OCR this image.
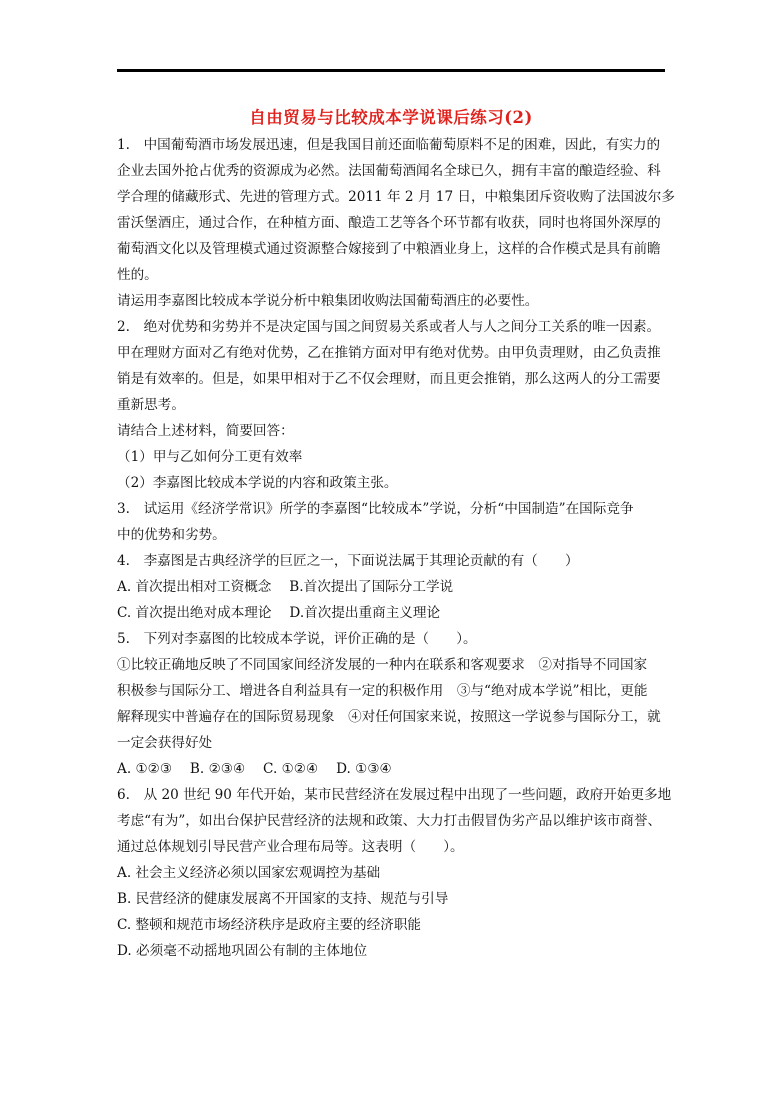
自由贸易与比较成本学说课后练习(2)
1.　中国葡萄酒市场发展迅速，但是我国目前还面临葡萄原料不足的困难，因此，有实力的
企业去国外抢占优秀的资源成为必然。法国葡萄酒闻名全球已久，拥有丰富的酿造经验、科
学合理的储藏形式、先进的管理方式。2011 年 2 月 17 日，中粮集团斥资收购了法国波尔多
雷沃堡酒庄，通过合作，在种植方面、酿造工艺等各个环节都有收获，同时也将国外深厚的
葡萄酒文化以及管理模式通过资源整合嫁接到了中粮酒业身上，这样的合作模式是具有前瞻
性的。
请运用李嘉图比较成本学说分析中粮集团收购法国葡萄酒庄的必要性。
2.　绝对优势和劣势并不是决定国与国之间贸易关系或者人与人之间分工关系的唯一因素。
甲在理财方面对乙有绝对优势，乙在推销方面对甲有绝对优势。由甲负责理财，由乙负责推
销是有效率的。但是，如果甲相对于乙不仅会理财，而且更会推销，那么这两人的分工需要
重新思考。
请结合上述材料，简要回答：
（1）甲与乙如何分工更有效率
（2）李嘉图比较成本学说的内容和政策主张。
3.　试运用《经济学常识》所学的李嘉图“比较成本”学说，分析“中国制造”在国际竞争
中的优势和劣势。
4.　李嘉图是古典经济学的巨匠之一，下面说法属于其理论贡献的有（　　）
A. 首次提出相对工资概念　 B.首次提出了国际分工学说
C. 首次提出绝对成本理论　 D.首次提出重商主义理论
5.　下列对李嘉图的比较成本学说，评价正确的是（　　）。
①比较正确地反映了不同国家间经济发展的一种内在联系和客观要求　②对指导不同国家
积极参与国际分工、增进各自利益具有一定的积极作用　③与“绝对成本学说”相比，更能
解释现实中普遍存在的国际贸易现象　④对任何国家来说，按照这一学说参与国际分工，就
一定会获得好处
A. ①②③　 B. ②③④　 C. ①②④　 D. ①③④
6.　从 20 世纪 90 年代开始，某市民营经济在发展过程中出现了一些问题，政府开始更多地
考虑“有为”，如出台保护民营经济的法规和政策、大力打击假冒伪劣产品以维护该市商誉、
通过总体规划引导民营产业合理布局等。这表明（　　）。
A. 社会主义经济必须以国家宏观调控为基础
B. 民营经济的健康发展离不开国家的支持、规范与引导
C. 整顿和规范市场经济秩序是政府主要的经济职能
D. 必须毫不动摇地巩固公有制的主体地位
